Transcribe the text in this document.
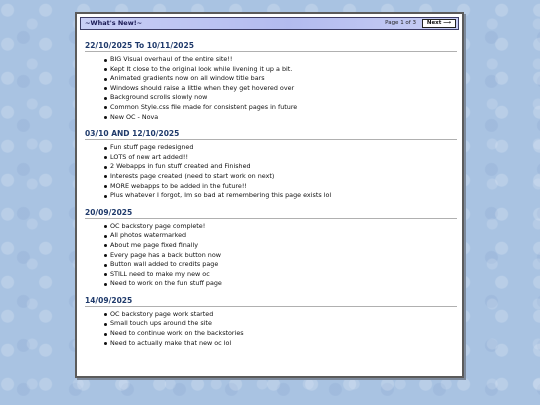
~What's New!~	Page 1 of 3	Next ⟶
22/10/2025 To 10/11/2025
BIG Visual overhaul of the entire site!!
Kept It close to the original look while livening it up a bit.
Animated gradients now on all window title bars
Windows should raise a little when they get hovered over
Background scrolls slowly now
Common Style.css file made for consistent pages in future
New OC - Nova
03/10 AND 12/10/2025
Fun stuff page redesigned
LOTS of new art added!!
2 Webapps in fun stuff created and Finished
Interests page created (need to start work on next)
MORE webapps to be added in the future!!
Plus whatever I forgot, Im so bad at remembering this page exists lol
20/09/2025
OC backstory page complete!
All photos watermarked
About me page fixed finally
Every page has a back button now
Button wall added to credits page
STILL need to make my new oc
Need to work on the fun stuff page
14/09/2025
OC backstory page work started
Small touch ups around the site
Need to continue work on the backstories
Need to actually make that new oc lol
